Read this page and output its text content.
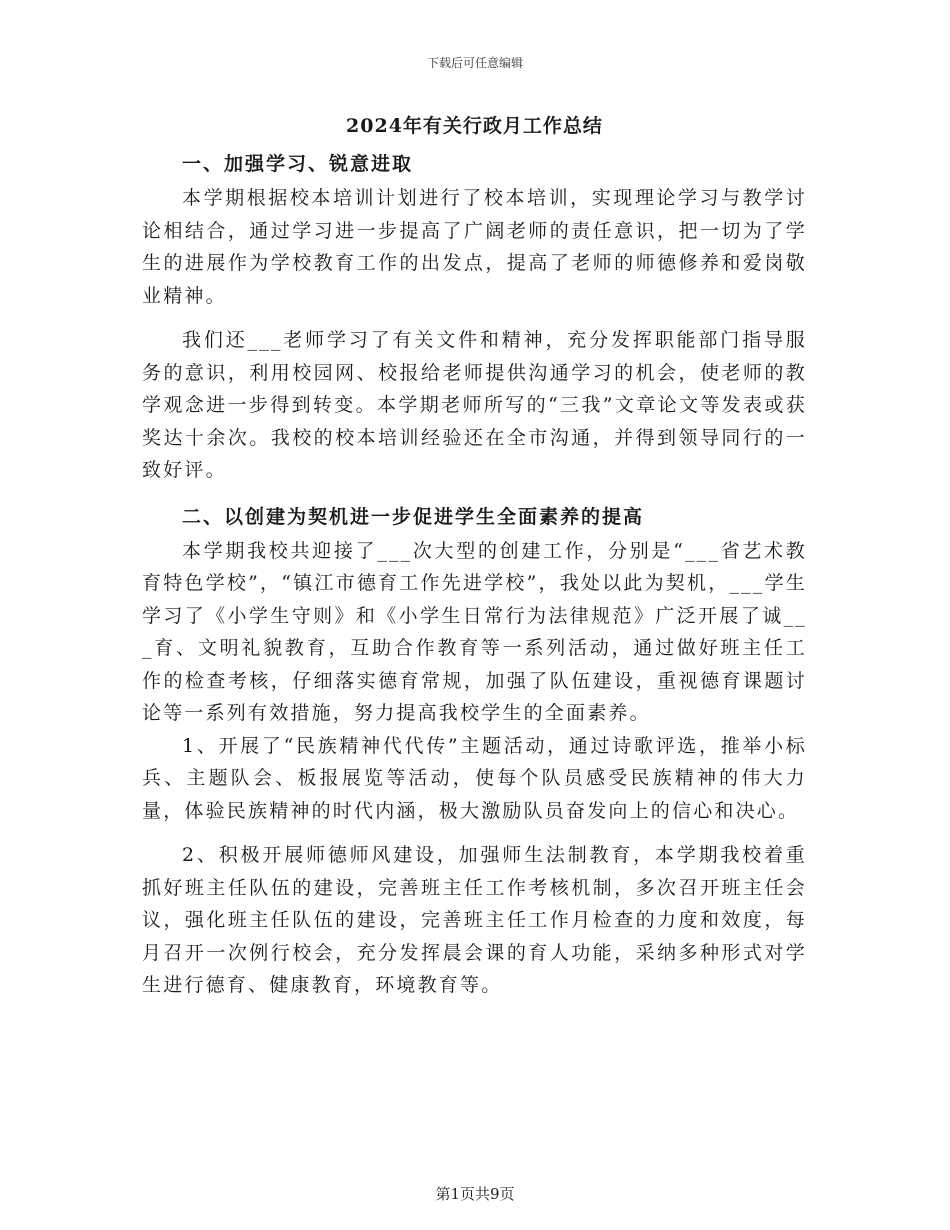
下载后可任意编辑
2024年有关行政月工作总结
一、加强学习、锐意进取

本学期根据校本培训计划进行了校本培训，实现理论学习与教学讨论相结合，通过学习进一步提高了广阔老师的责任意识，把一切为了学生的进展作为学校教育工作的出发点，提高了老师的师德修养和爱岗敬业精神。

我们还___老师学习了有关文件和精神，充分发挥职能部门指导服务的意识，利用校园网、校报给老师提供沟通学习的机会，使老师的教学观念进一步得到转变。本学期老师所写的“三我”文章论文等发表或获奖达十余次。我校的校本培训经验还在全市沟通，并得到领导同行的一致好评。

二、以创建为契机进一步促进学生全面素养的提高

本学期我校共迎接了___次大型的创建工作，分别是“___省艺术教育特色学校”，“镇江市德育工作先进学校”，我处以此为契机，___学生学习了《小学生守则》和《小学生日常行为法律规范》广泛开展了诚___育、文明礼貌教育，互助合作教育等一系列活动，通过做好班主任工作的检查考核，仔细落实德育常规，加强了队伍建设，重视德育课题讨论等一系列有效措施，努力提高我校学生的全面素养。

1、开展了“民族精神代代传”主题活动，通过诗歌评选，推举小标兵、主题队会、板报展览等活动，使每个队员感受民族精神的伟大力量，体验民族精神的时代内涵，极大激励队员奋发向上的信心和决心。

2、积极开展师德师风建设，加强师生法制教育，本学期我校着重抓好班主任队伍的建设，完善班主任工作考核机制，多次召开班主任会议，强化班主任队伍的建设，完善班主任工作月检查的力度和效度，每月召开一次例行校会，充分发挥晨会课的育人功能，采纳多种形式对学生进行德育、健康教育，环境教育等。

第1页共9页
